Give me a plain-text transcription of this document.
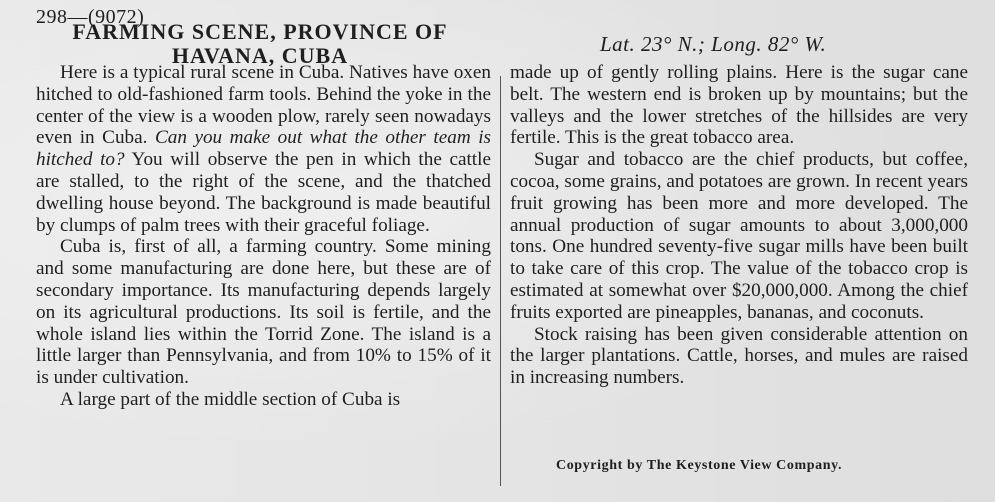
298—(9072)
FARMING SCENE, PROVINCE OF
HAVANA, CUBA	Lat. 23° N.; Long. 82° W.

Here is a typical rural scene in Cuba. Natives have oxen hitched to old-fashioned farm tools. Behind the yoke in the center of the view is a wooden plow, rarely seen nowadays even in Cuba. Can you make out what the other team is hitched to? You will observe the pen in which the cattle are stalled, to the right of the scene, and the thatched dwelling house beyond. The background is made beautiful by clumps of palm trees with their graceful foliage.

Cuba is, first of all, a farming country. Some mining and some manufacturing are done here, but these are of secondary importance. Its manufacturing depends largely on its agricultural productions. Its soil is fertile, and the whole island lies within the Torrid Zone. The island is a little larger than Pennsylvania, and from 10% to 15% of it is under cultivation.

A large part of the middle section of Cuba is

made up of gently rolling plains. Here is the sugar cane belt. The western end is broken up by mountains; but the valleys and the lower stretches of the hillsides are very fertile. This is the great tobacco area.

Sugar and tobacco are the chief products, but coffee, cocoa, some grains, and potatoes are grown. In recent years fruit growing has been more and more developed. The annual production of sugar amounts to about 3,000,000 tons. One hundred seventy-five sugar mills have been built to take care of this crop. The value of the tobacco crop is estimated at somewhat over $20,000,000. Among the chief fruits exported are pineapples, bananas, and coconuts.

Stock raising has been given considerable attention on the larger plantations. Cattle, horses, and mules are raised in increasing numbers.

Copyright by The Keystone View Company.
